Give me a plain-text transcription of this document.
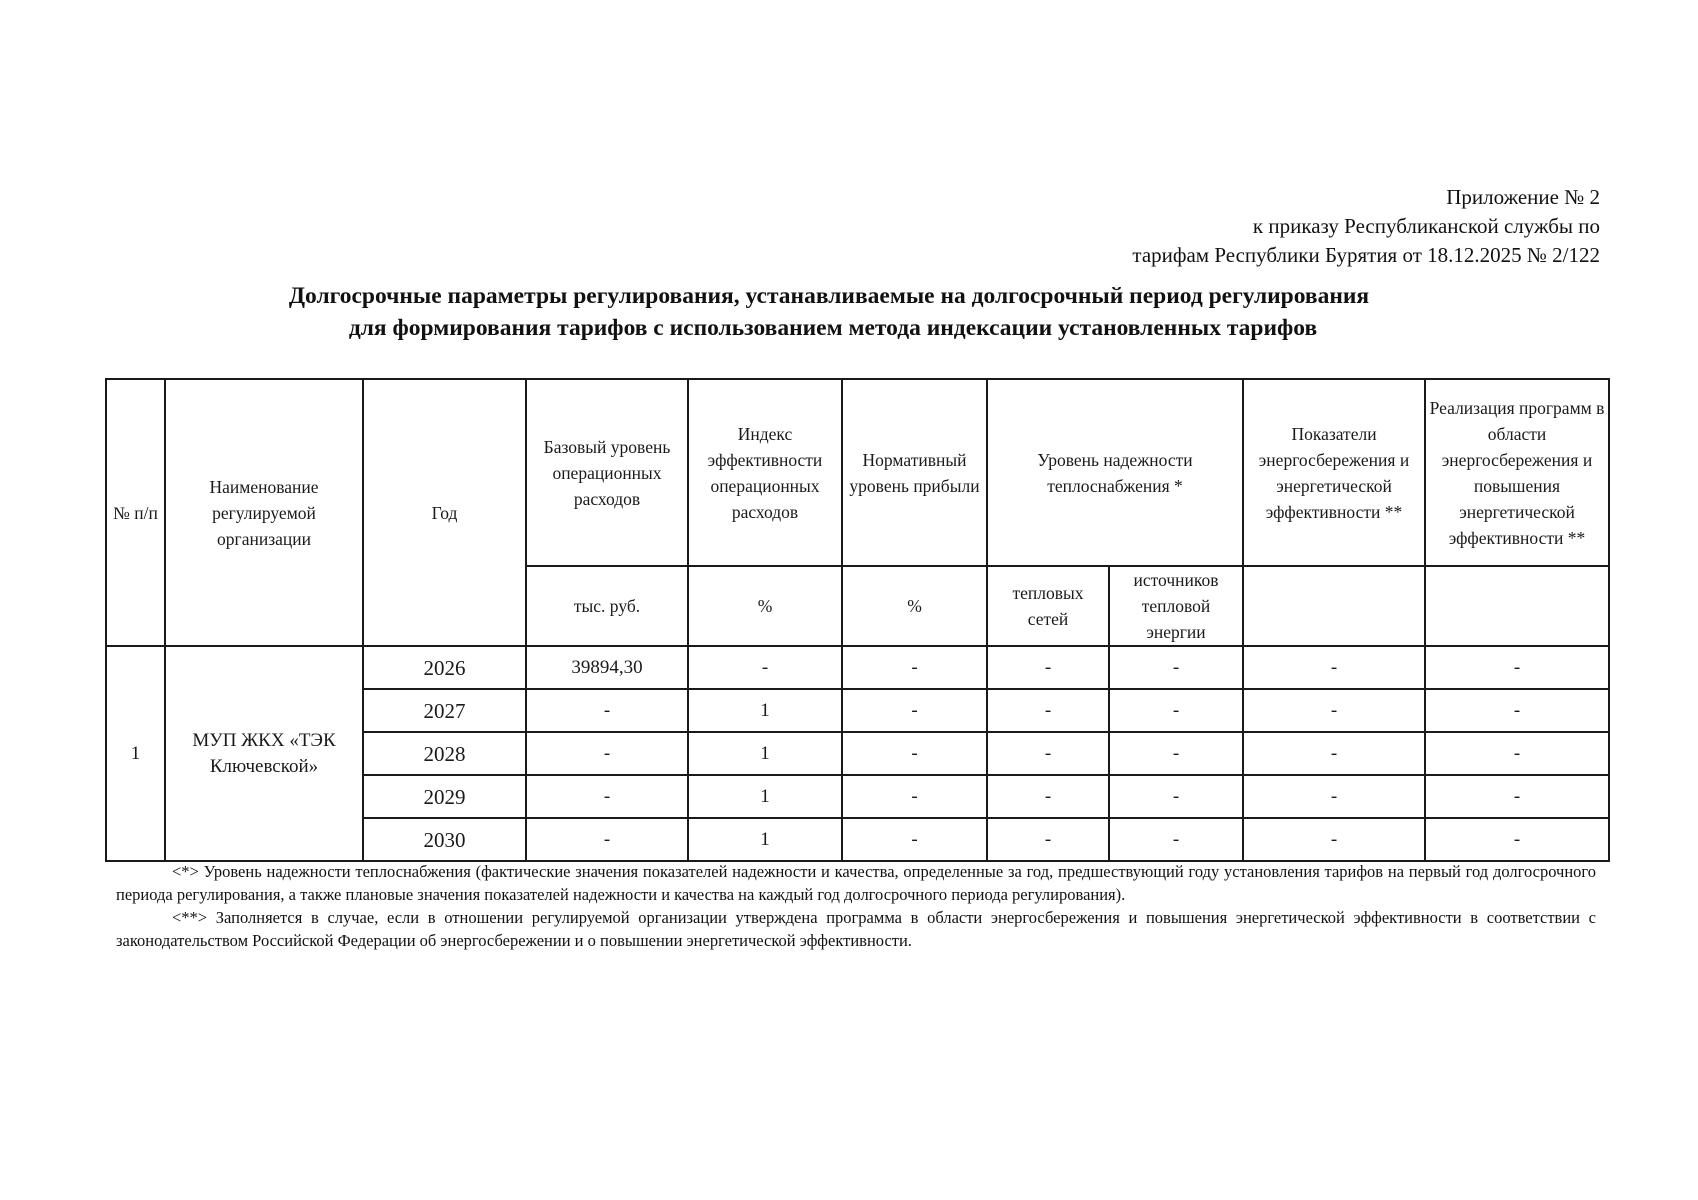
Приложение № 2
к приказу Республиканской службы по
тарифам Республики Бурятия от 18.12.2025 № 2/122
Долгосрочные параметры регулирования, устанавливаемые на долгосрочный период регулирования
для формирования тарифов с использованием метода индексации установленных тарифов
№ п/п	Наименование регулируемой организации	Год	Базовый уровень операционных расходов	Индекс эффективности операционных расходов	Нормативный уровень прибыли	Уровень надежности теплоснабжения *		Показатели энергосбережения и энергетической эффективности **	Реализация программ в области энергосбережения и повышения энергетической эффективности **
			тыс. руб.	%	%	тепловых сетей	источников тепловой энергии		
1	МУП ЖКХ «ТЭК Ключевской»	2026	39894,30	-	-	-	-	-	-
		2027	-	1	-	-	-	-	-
		2028	-	1	-	-	-	-	-
		2029	-	1	-	-	-	-	-
		2030	-	1	-	-	-	-	-

<*> Уровень надежности теплоснабжения (фактические значения показателей надежности и качества, определенные за год, предшествующий году установления тарифов на первый год долгосрочного периода регулирования, а также плановые значения показателей надежности и качества на каждый год долгосрочного периода регулирования).

<**> Заполняется в случае, если в отношении регулируемой организации утверждена программа в области энергосбережения и повышения энергетической эффективности в соответствии с законодательством Российской Федерации об энергосбережении и о повышении энергетической эффективности.
